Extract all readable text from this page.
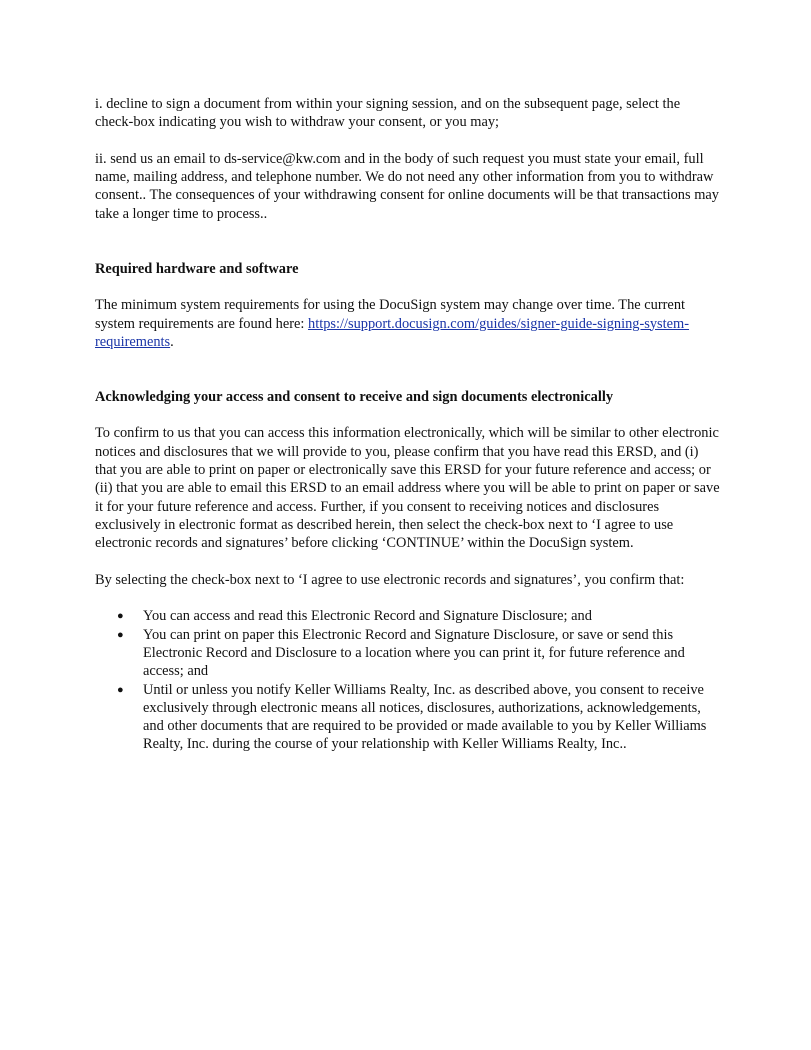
i. decline to sign a document from within your signing session, and on the subsequent page, select the check-box indicating you wish to withdraw your consent, or you may;

ii. send us an email to ds-service@kw.com and in the body of such request you must state your email, full name, mailing address, and telephone number. We do not need any other information from you to withdraw consent.. The consequences of your withdrawing consent for online documents will be that transactions may take a longer time to process..

Required hardware and software

The minimum system requirements for using the DocuSign system may change over time. The current system requirements are found here: https://support.docusign.com/guides/signer-guide-signing-system-requirements.

Acknowledging your access and consent to receive and sign documents electronically

To confirm to us that you can access this information electronically, which will be similar to other electronic notices and disclosures that we will provide to you, please confirm that you have read this ERSD, and (i) that you are able to print on paper or electronically save this ERSD for your future reference and access; or (ii) that you are able to email this ERSD to an email address where you will be able to print on paper or save it for your future reference and access. Further, if you consent to receiving notices and disclosures exclusively in electronic format as described herein, then select the check-box next to ‘I agree to use electronic records and signatures’ before clicking ‘CONTINUE’ within the DocuSign system.

By selecting the check-box next to ‘I agree to use electronic records and signatures’, you confirm that:

● You can access and read this Electronic Record and Signature Disclosure; and
● You can print on paper this Electronic Record and Signature Disclosure, or save or send this Electronic Record and Disclosure to a location where you can print it, for future reference and access; and
● Until or unless you notify Keller Williams Realty, Inc. as described above, you consent to receive exclusively through electronic means all notices, disclosures, authorizations, acknowledgements, and other documents that are required to be provided or made available to you by Keller Williams Realty, Inc. during the course of your relationship with Keller Williams Realty, Inc..
